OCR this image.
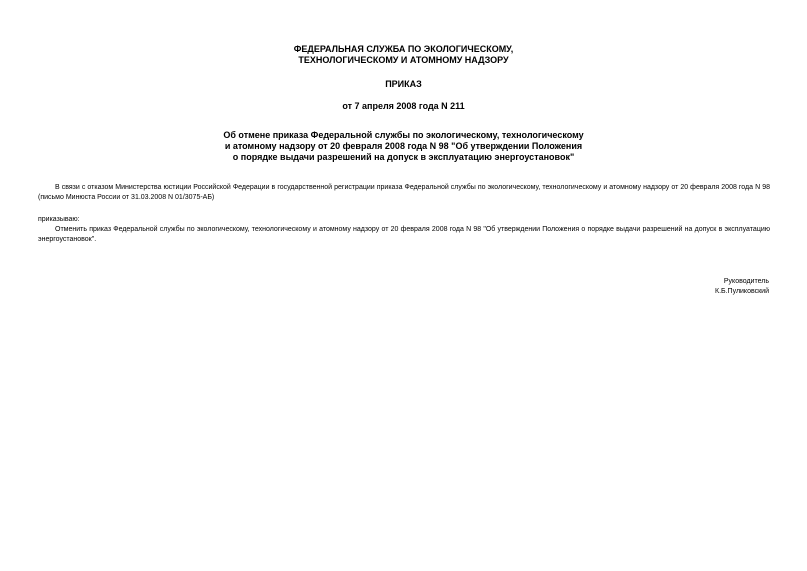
ФЕДЕРАЛЬНАЯ СЛУЖБА ПО ЭКОЛОГИЧЕСКОМУ,
ТЕХНОЛОГИЧЕСКОМУ И АТОМНОМУ НАДЗОРУ
ПРИКАЗ
от 7 апреля 2008 года N 211
Об отмене приказа Федеральной службы по экологическому, технологическому
и атомному надзору от 20 февраля 2008 года N 98 "Об утверждении Положения
о порядке выдачи разрешений на допуск в эксплуатацию энергоустановок"

В связи с отказом Министерства юстиции Российской Федерации в государственной регистрации приказа Федеральной службы по экологическому, технологическому и атомному надзору от 20 февраля 2008 года N 98 (письмо Минюста России от 31.03.2008 N 01/3075-АБ)

приказываю:

Отменить приказ Федеральной службы по экологическому, технологическому и атомному надзору от 20 февраля 2008 года N 98 "Об утверждении Положения о порядке выдачи разрешений на допуск в эксплуатацию энергоустановок".

Руководитель
К.Б.Пуликовский
